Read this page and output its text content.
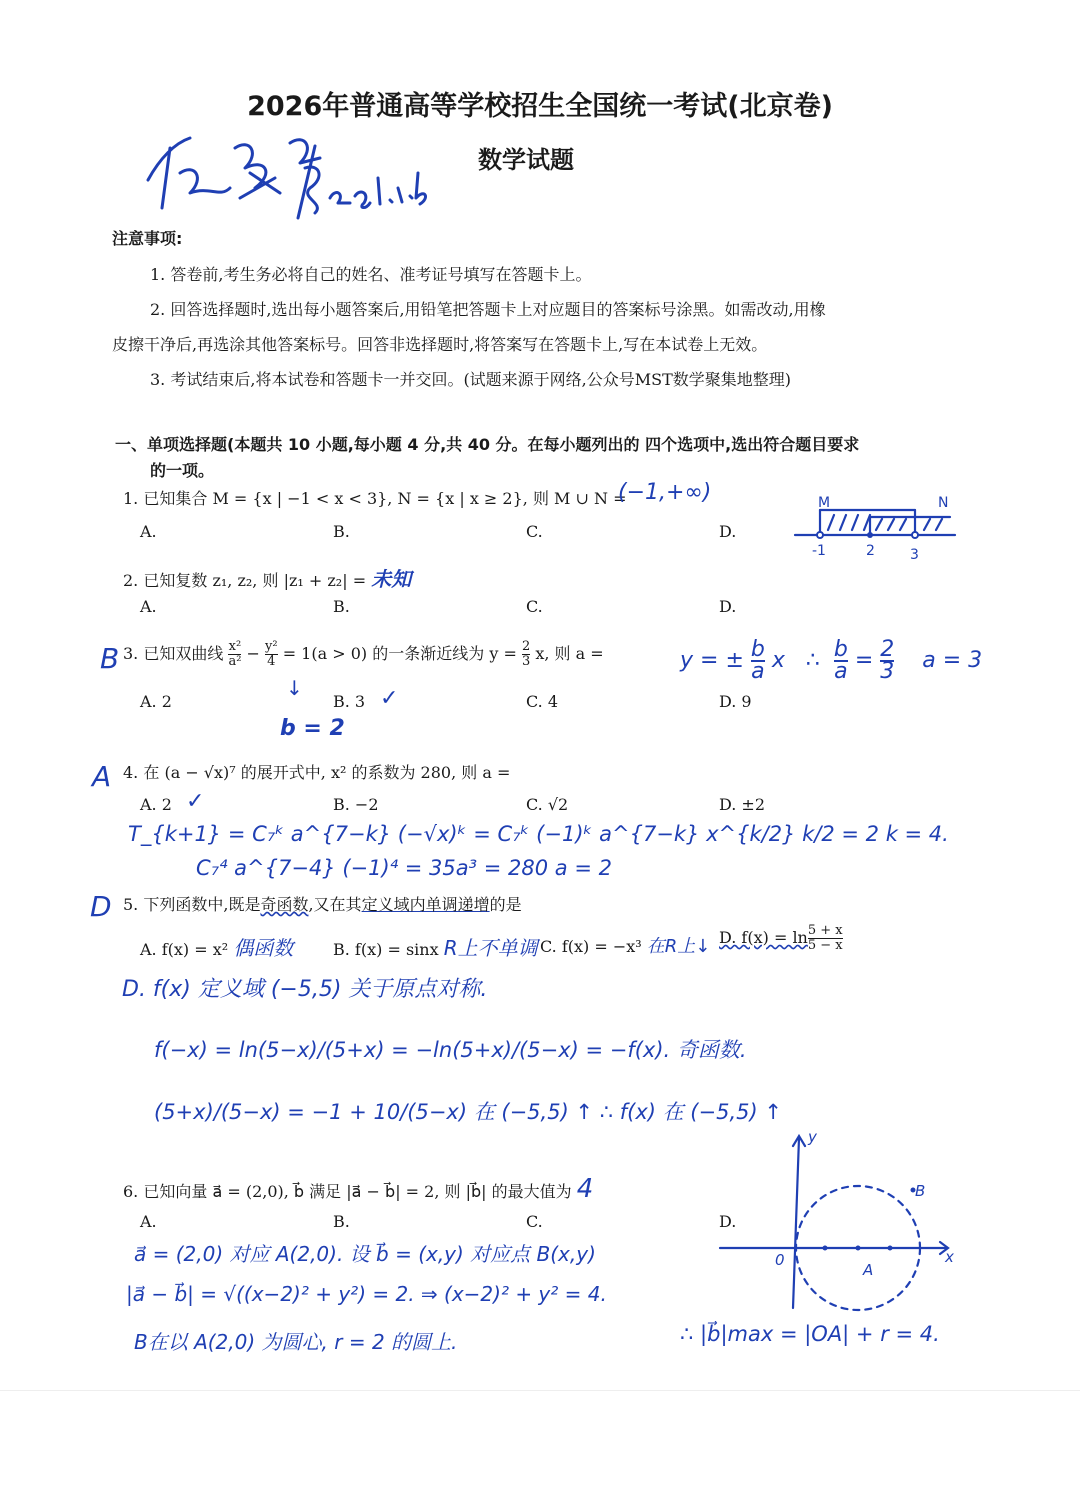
2026年普通高等学校招生全国统一考试(北京卷)
数学试题
注意事项:
1. 答卷前,考生务必将自己的姓名、准考证号填写在答题卡上。
2. 回答选择题时,选出每小题答案后,用铅笔把答题卡上对应题目的答案标号涂黑。如需改动,用橡
皮擦干净后,再选涂其他答案标号。回答非选择题时,将答案写在答题卡上,写在本试卷上无效。
3. 考试结束后,将本试卷和答题卡一并交回。(试题来源于网络,公众号MST数学聚集地整理)
一、单项选择题(本题共 10 小题,每小题 4 分,共 40 分。在每小题列出的 四个选项中,选出符合题目要求
的一项。
1. 已知集合 M = {x | −1 < x < 3}, N = {x | x ≥ 2}, 则 M ∪ N =
(−1,+∞)
A.	B.	C.	D.
M	N
-1	2	3
2. 已知复数 z₁, z₂, 则 |z₁ + z₂| = 未知
A.	B.	C.	D.
B 3. 已知双曲线 $\frac{\text{x²}}{\text{a²}} - \frac{\text{y²}}{4} = 1(a > 0)$ 的一条渐近线为 $y = \frac{2}{3} x$, 则 a =	y = ± $\frac{b}{a}$ x ∴ $\frac{b}{a} = \frac{2}{3}$ a = 3
A. 2	B. 3 ✓	C. 4	D. 9
↓
b = 2
A 4. 在 (a − √x)⁷ 的展开式中, x² 的系数为 280, 则 a =
A. 2 ✓	B. −2	C. √2	D. ±2
T_{k+1} = C₇ᵏ a^{7−k} (−√x)ᵏ = C₇ᵏ (−1)ᵏ a^{7−k} x^{k/2} k/2 = 2 k = 4.
C₇⁴ a^{7−4} (−1)⁴ = 35a³ = 280 a = 2
D 5. 下列函数中,既是奇函数,又在其定义域内单调递增的是
A. f(x) = x² 偶函数 B. f(x) = sinx R上不单调 C. f(x) = −x³ 在R上↓ D. $f(x) = \ln \frac{5 + x}{5 - x}$
D. f(x) 定义域 (−5,5) 关于原点对称.
f(−x) = ln(5−x)/(5+x) = −ln(5+x)/(5−x) = −f(x). 奇函数.
(5+x)/(5−x) = −1 + 10/(5−x) 在 (−5,5) ↑ ∴ f(x) 在 (−5,5) ↑
6. 已知向量 a⃗ = (2,0), b⃗ 满足 |a⃗ − b⃗| = 2, 则 |b⃗| 的最大值为 4
A.	B.	C.	D.
a⃗ = (2,0) 对应 A(2,0). 设 b⃗ = (x,y) 对应点 B(x,y)
|a⃗ − b⃗| = √((x−2)² + y²) = 2. ⇒ (x−2)² + y² = 4.
B在以 A(2,0) 为圆心, r = 2 的圆上.	∴ |b⃗|max = |OA| + r = 4.
y
x
0
A
B
